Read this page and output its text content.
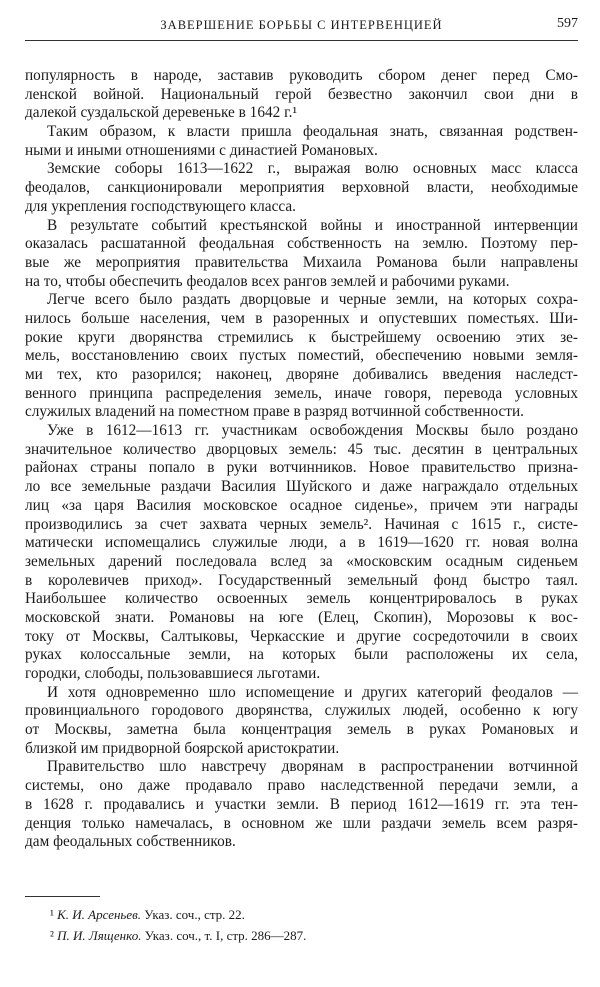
ЗАВЕРШЕНИЕ БОРЬБЫ С ИНТЕРВЕНЦИЕЙ	597
популярность в народе, заставив руководить сбором денег перед Смо-
ленской войной. Национальный герой безвестно закончил свои дни в
далекой суздальской деревеньке в 1642 г.¹
Таким образом, к власти пришла феодальная знать, связанная родствен-
ными и иными отношениями с династией Романовых.
Земские соборы 1613—1622 г., выражая волю основных масс класса
феодалов, санкционировали мероприятия верховной власти, необходимые
для укрепления господствующего класса.
В результате событий крестьянской войны и иностранной интервенции
оказалась расшатанной феодальная собственность на землю. Поэтому пер-
вые же мероприятия правительства Михаила Романова были направлены
на то, чтобы обеспечить феодалов всех рангов землей и рабочими руками.
Легче всего было раздать дворцовые и черные земли, на которых сохра-
нилось больше населения, чем в разоренных и опустевших поместьях. Ши-
рокие круги дворянства стремились к быстрейшему освоению этих зе-
мель, восстановлению своих пустых поместий, обеспечению новыми земля-
ми тех, кто разорился; наконец, дворяне добивались введения наследст-
венного принципа распределения земель, иначе говоря, перевода условных
служилых владений на поместном праве в разряд вотчинной собственности.
Уже в 1612—1613 гг. участникам освобождения Москвы было роздано
значительное количество дворцовых земель: 45 тыс. десятин в центральных
районах страны попало в руки вотчинников. Новое правительство призна-
ло все земельные раздачи Василия Шуйского и даже награждало отдельных
лиц «за царя Василия московское осадное сиденье», причем эти награды
производились за счет захвата черных земель². Начиная с 1615 г., систе-
матически испомещались служилые люди, а в 1619—1620 гг. новая волна
земельных дарений последовала вслед за «московским осадным сиденьем
в королевичев приход». Государственный земельный фонд быстро таял.
Наибольшее количество освоенных земель концентрировалось в руках
московской знати. Романовы на юге (Елец, Скопин), Морозовы к вос-
току от Москвы, Салтыковы, Черкасские и другие сосредоточили в своих
руках колоссальные земли, на которых были расположены их села,
городки, слободы, пользовавшиеся льготами.
И хотя одновременно шло испомещение и других категорий феодалов —
провинциального городового дворянства, служилых людей, особенно к югу
от Москвы, заметна была концентрация земель в руках Романовых и
близкой им придворной боярской аристократии.
Правительство шло навстречу дворянам в распространении вотчинной
системы, оно даже продавало право наследственной передачи земли, а
в 1628 г. продавались и участки земли. В период 1612—1619 гг. эта тен-
денция только намечалась, в основном же шли раздачи земель всем разря-
дам феодальных собственников.
¹ К. И. Арсеньев. Указ. соч., стр. 22.
² П. И. Лященко. Указ. соч., т. I, стр. 286—287.
